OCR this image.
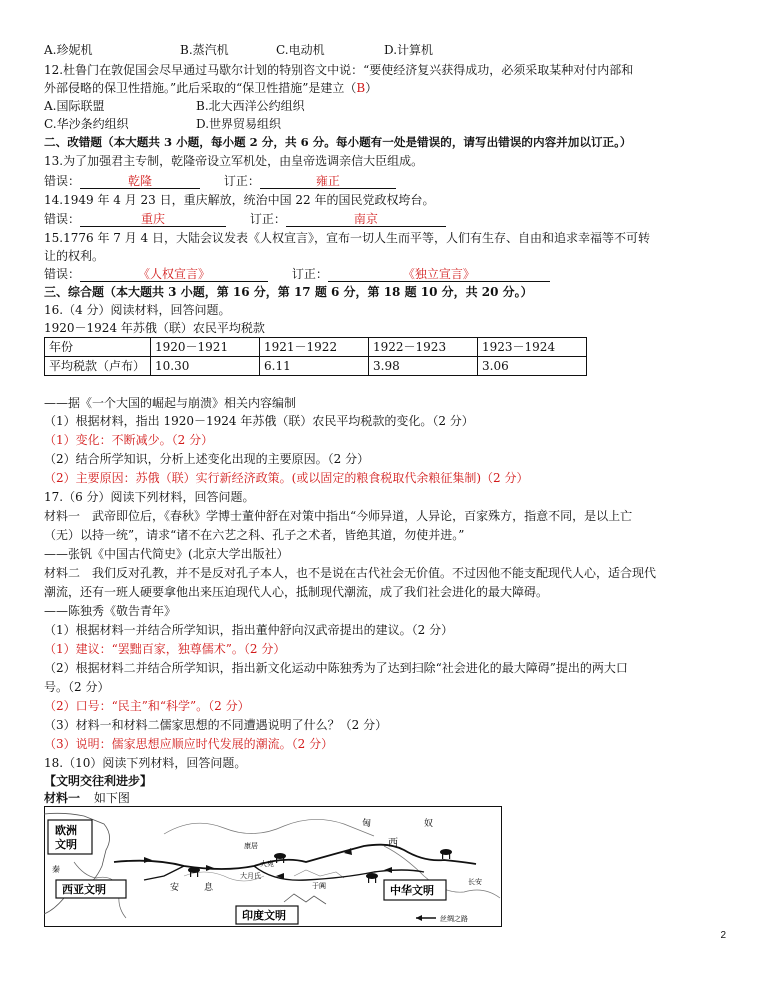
A.珍妮机	B.蒸汽机	C.电动机	D.计算机
12.杜鲁门在敦促国会尽早通过马歇尔计划的特别咨文中说：“要使经济复兴获得成功，必须采取某种对付内部和
外部侵略的保卫性措施。”此后采取的“保卫性措施”是建立（B）
A.国际联盟	B.北大西洋公约组织
C.华沙条约组织	D.世界贸易组织
二、改错题（本大题共 3 小题，每小题 2 分，共 6 分。每小题有一处是错误的，请写出错误的内容并加以订正。）
13.为了加强君主专制，乾隆帝设立军机处，由皇帝选调亲信大臣组成。
错误：	乾隆	订正：	雍正
14.1949 年 4 月 23 日，重庆解放，统治中国 22 年的国民党政权垮台。
错误：	重庆	订正：	南京
15.1776 年 7 月 4 日，大陆会议发表《人权宣言》，宣布一切人生而平等，人们有生存、自由和追求幸福等不可转
让的权利。
错误：	《人权宣言》	订正：	《独立宣言》
三、综合题（本大题共 3 小题，第 16 分，第 17 题 6 分，第 18 题 10 分，共 20 分。）
16.（4 分）阅读材料，回答问题。
1920－1924 年苏俄（联）农民平均税款
年份	1920－1921	1921－1922	1922－1923	1923－1924
平均税款（卢布）	10.30	6.11	3.98	3.06
——据《一个大国的崛起与崩溃》相关内容编制
（1）根据材料，指出 1920－1924 年苏俄（联）农民平均税款的变化。（2 分）
（1）变化：不断减少。（2 分）
（2）结合所学知识，分析上述变化出现的主要原因。（2 分）
（2）主要原因：苏俄（联）实行新经济政策。(或以固定的粮食税取代余粮征集制)（2 分）
17.（6 分）阅读下列材料，回答问题。
材料一　武帝即位后，《春秋》学博士董仲舒在对策中指出“今师异道，人异论，百家殊方，指意不同，是以上亡
（无）以持一统”，请求“诸不在六艺之科、孔子之术者，皆绝其道，勿使并进。”
——张钒《中国古代简史》(北京大学出版社）
材料二　我们反对孔教，并不是反对孔子本人，也不是说在古代社会无价值。不过因他不能支配现代人心，适合现代
潮流，还有一班人硬要拿他出来压迫现代人心，抵制现代潮流，成了我们社会进化的最大障碍。
——陈独秀《敬告青年》
（1）根据材料一并结合所学知识，指出董仲舒向汉武帝提出的建议。（2 分）
（1）建议：“罢黜百家，独尊儒术”。（2 分）
（2）根据材料二并结合所学知识，指出新文化运动中陈独秀为了达到扫除“社会进化的最大障碍”提出的两大口
号。（2 分）
（2）口号：“民主”和“科学”。（2 分）
（3）材料一和材料二儒家思想的不同遭遇说明了什么？（2 分）
（3）说明：儒家思想应顺应时代发展的潮流。（2 分）
18.（10）阅读下列材料，回答问题。
【文明交往利进步】
材料一 如下图
欧洲
文明
西亚文明
印度文明
中华文明
匈	奴
西
安	息
康居
大宛
大月氏
于阗
秦
长安
丝绸之路
2
